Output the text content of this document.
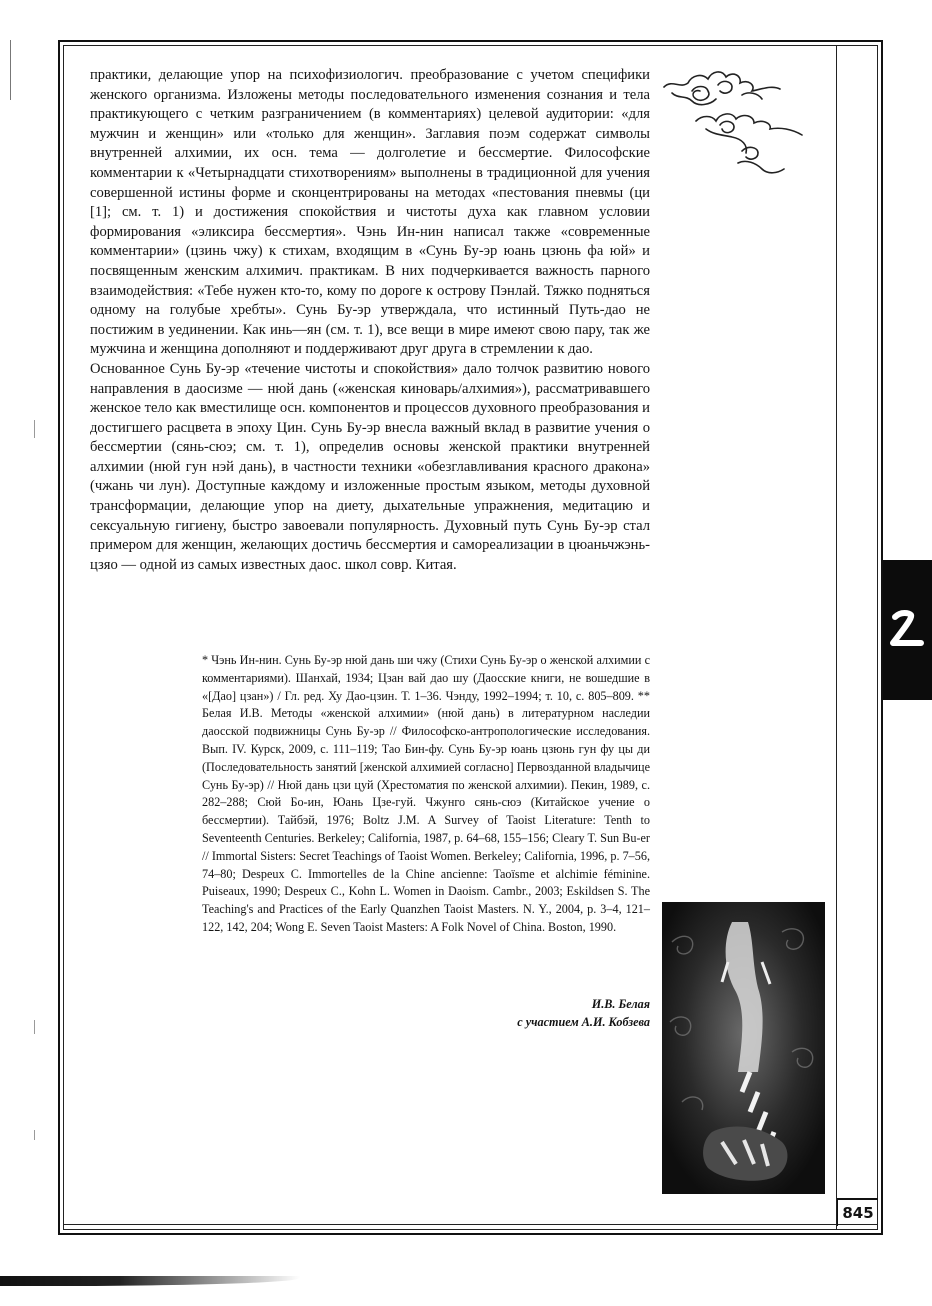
845

практики, делающие упор на психофизиологич. преобразование с учетом специфики женского организма. Изложены методы последовательного изменения сознания и тела практикующего с четким разграничением (в комментариях) целевой аудитории: «для мужчин и женщин» или «только для женщин». Заглавия поэм содержат символы внутренней алхимии, их осн. тема — долголетие и бессмертие. Философские комментарии к «Четырнадцати стихотворениям» выполнены в традиционной для учения совершенной истины форме и сконцентрированы на методах «пестования пневмы (ци [1]; см. т. 1) и достижения спокойствия и чистоты духа как главном условии формирования «эликсира бессмертия». Чэнь Ин-нин написал также «современные комментарии» (цзинь чжу) к стихам, входящим в «Сунь Бу-эр юань цзюнь фа юй» и посвященным женским алхимич. практикам. В них подчеркивается важность парного взаимодействия: «Тебе нужен кто-то, кому по дороге к острову Пэнлай. Тяжко подняться одному на голубые хребты». Сунь Бу-эр утверждала, что истинный Путь-дао не постижим в уединении. Как инь—ян (см. т. 1), все вещи в мире имеют свою пару, так же мужчина и женщина дополняют и поддерживают друг друга в стремлении к дао.

Основанное Сунь Бу-эр «течение чистоты и спокойствия» дало толчок развитию нового направления в даосизме — нюй дань («женская киноварь/алхимия»), рассматривавшего женское тело как вместилище осн. компонентов и процессов духовного преобразования и достигшего расцвета в эпоху Цин. Сунь Бу-эр внесла важный вклад в развитие учения о бессмертии (сянь-сюэ; см. т. 1), определив основы женской практики внутренней алхимии (нюй гун нэй дань), в частности техники «обезглавливания красного дракона» (чжань чи лун). Доступные каждому и изложенные простым языком, методы духовной трансформации, делающие упор на диету, дыхательные упражнения, медитацию и сексуальную гигиену, быстро завоевали популярность. Духовный путь Сунь Бу-эр стал примером для женщин, желающих достичь бессмертия и самореализации в цюаньчжэнь-цзяо — одной из самых известных даос. школ совр. Китая.

* Чэнь Ин-нин. Сунь Бу-эр нюй дань ши чжу (Стихи Сунь Бу-эр о женской алхимии с комментариями). Шанхай, 1934; Цзан вай дао шу (Даосские книги, не вошедшие в «[Дао] цзан») / Гл. ред. Ху Дао-цзин. Т. 1–36. Чэнду, 1992–1994; т. 10, с. 805–809. ** Белая И.В. Методы «женской алхимии» (нюй дань) в литературном наследии даосской подвижницы Сунь Бу-эр // Философско-антропологические исследования. Вып. IV. Курск, 2009, с. 111–119; Тао Бин-фу. Сунь Бу-эр юань цзюнь гун фу цы ди (Последовательность занятий [женской алхимией согласно] Первозданной владычице Сунь Бу-эр) // Нюй дань цзи цуй (Хрестоматия по женской алхимии). Пекин, 1989, с. 282–288; Сюй Бо-ин, Юань Цзе-гуй. Чжунго сянь-сюэ (Китайское учение о бессмертии). Тайбэй, 1976; Boltz J.M. A Survey of Taoist Literature: Tenth to Seventeenth Centuries. Berkeley; California, 1987, p. 64–68, 155–156; Cleary T. Sun Bu-er // Immortal Sisters: Secret Teachings of Taoist Women. Berkeley; California, 1996, p. 7–56, 74–80; Despeux C. Immortelles de la Chine ancienne: Taoïsme et alchimie féminine. Puiseaux, 1990; Despeux C., Kohn L. Women in Daoism. Cambr., 2003; Eskildsen S. The Teaching's and Practices of the Early Quanzhen Taoist Masters. N. Y., 2004, p. 3–4, 121–122, 142, 204; Wong E. Seven Taoist Masters: A Folk Novel of China. Boston, 1990.

И.В. Белая
с участием А.И. Кобзева
